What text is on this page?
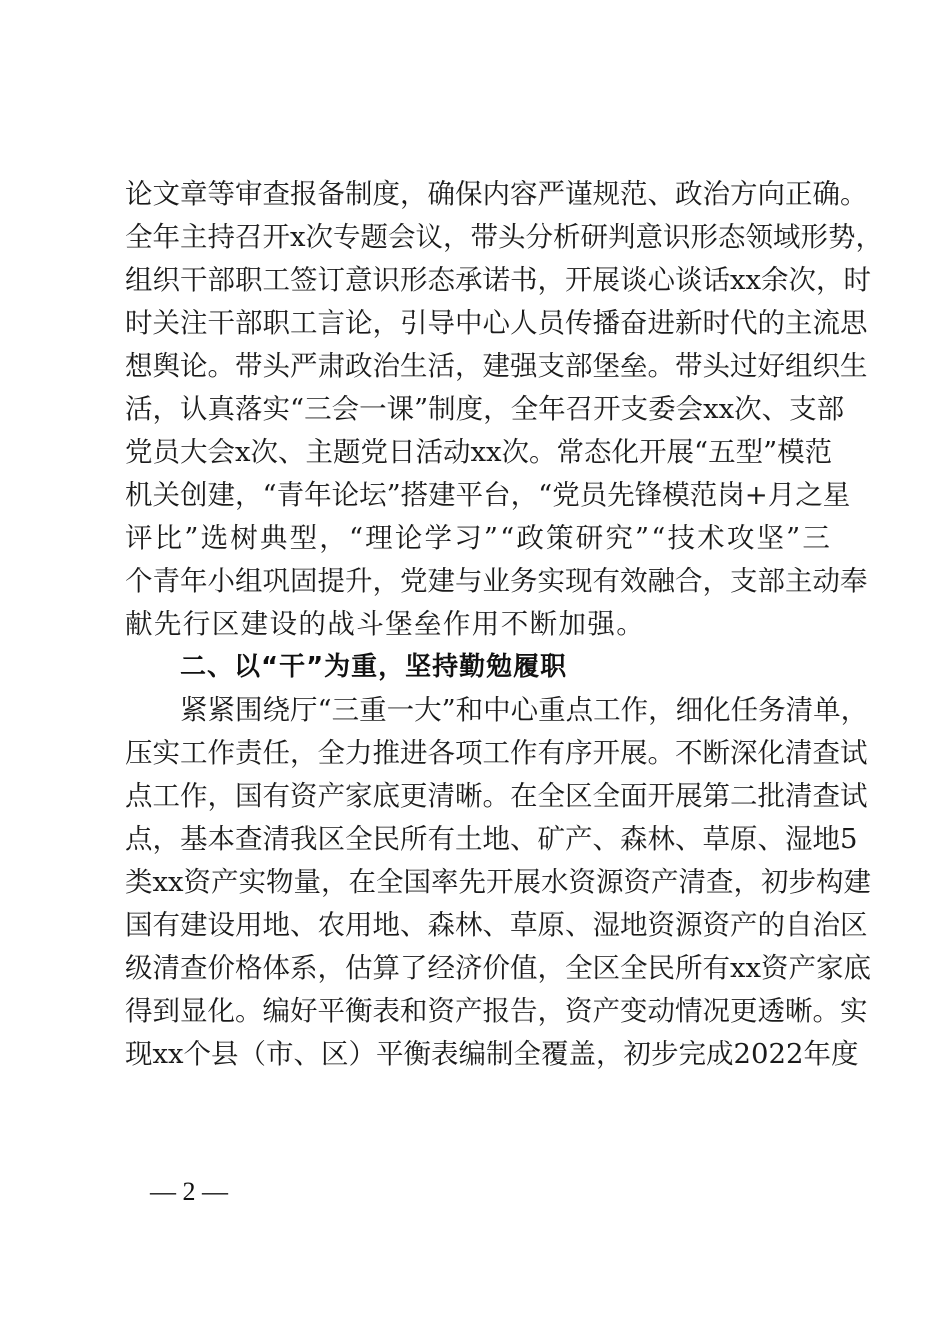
论 文 章 等 审 查 报 备 制 度 ， 确 保 内 容 严 谨 规 范 、 政 治 方 向 正 确 。
全 年 主 持 召 开 x 次 专 题 会 议 ， 带 头 分 析 研 判 意 识 形 态 领 域 形 势 ，
组 织 干 部 职 工 签 订 意 识 形 态 承 诺 书 ， 开 展 谈 心 谈 话 xx 余 次 ， 时
时 关 注 干 部 职 工 言 论 ， 引 导 中 心 人 员 传 播 奋 进 新 时 代 的 主 流 思
想 舆 论 。 带 头 严 肃 政 治 生 活 ， 建 强 支 部 堡 垒 。 带 头 过 好 组 织 生
活 ， 认 真 落 实 “ 三 会 一 课 ” 制 度 ， 全 年 召 开 支 委 会 xx 次 、 支 部
党 员 大 会 x 次 、 主 题 党 日 活 动 xx 次 。 常 态 化 开 展 “ 五 型 ” 模 范
机 关 创 建 ， “ 青 年 论 坛 ” 搭 建 平 台 ， “ 党 员 先 锋 模 范 岗 + 月 之 星
评 比 ” 选 树 典 型 ， “ 理 论 学 习 ” “ 政 策 研 究 ” “ 技 术 攻 坚 ” 三
个 青 年 小 组 巩 固 提 升 ， 党 建 与 业 务 实 现 有 效 融 合 ， 支 部 主 动 奉
献先行区建设的战斗堡垒作用不断加强。
二、以“干”为重，坚持勤勉履职
紧 紧 围 绕 厅 “ 三 重 一 大 ” 和 中 心 重 点 工 作 ， 细 化 任 务 清 单 ，
压 实 工 作 责 任 ， 全 力 推 进 各 项 工 作 有 序 开 展 。 不 断 深 化 清 查 试
点 工 作 ， 国 有 资 产 家 底 更 清 晰 。 在 全 区 全 面 开 展 第 二 批 清 查 试
点 ， 基 本 查 清 我 区 全 民 所 有 土 地 、 矿 产 、 森 林 、 草 原 、 湿 地 5
类 xx 资 产 实 物 量 ， 在 全 国 率 先 开 展 水 资 源 资 产 清 查 ， 初 步 构 建
国 有 建 设 用 地 、 农 用 地 、 森 林 、 草 原 、 湿 地 资 源 资 产 的 自 治 区
级 清 查 价 格 体 系 ， 估 算 了 经 济 价 值 ， 全 区 全 民 所 有 xx 资 产 家 底
得 到 显 化 。 编 好 平 衡 表 和 资 产 报 告 ， 资 产 变 动 情 况 更 透 晰 。 实
现 xx 个 县 （ 市 、 区 ） 平 衡 表 编 制 全 覆 盖 ， 初 步 完 成 2022 年 度
— 2 —
